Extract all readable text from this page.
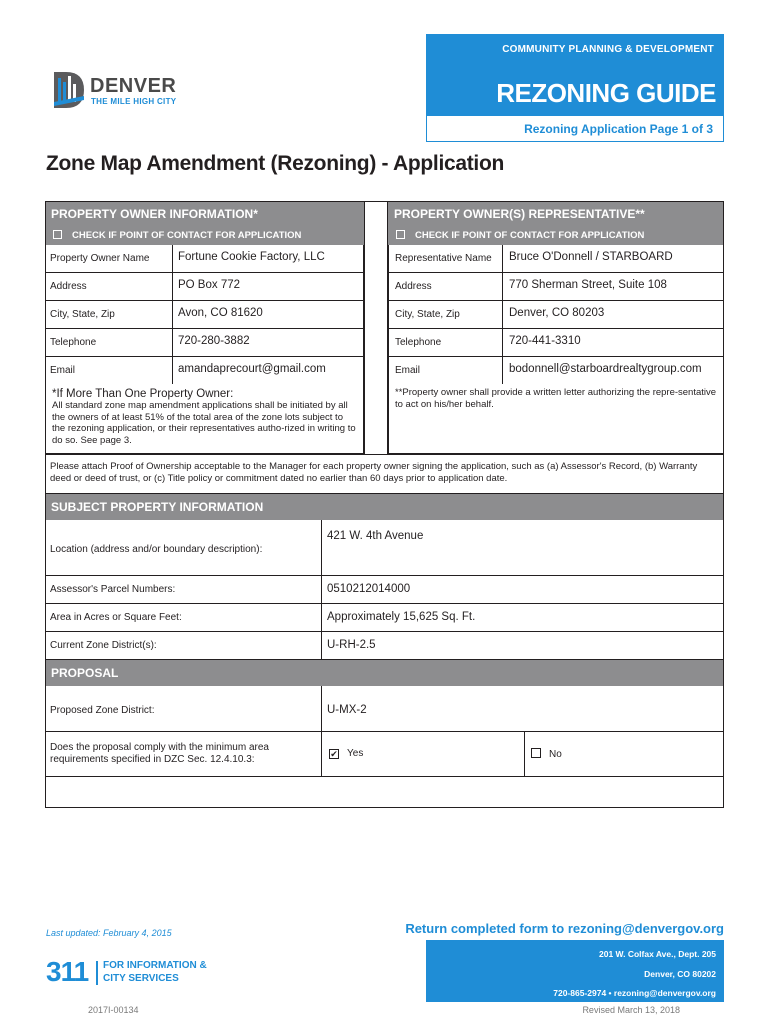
COMMUNITY PLANNING & DEVELOPMENT
REZONING GUIDE
Rezoning Application Page 1 of 3
DENVER
THE MILE HIGH CITY
Zone Map Amendment (Rezoning) - Application
PROPERTY OWNER INFORMATION*	PROPERTY OWNER(S) REPRESENTATIVE**
CHECK IF POINT OF CONTACT FOR APPLICATION	CHECK IF POINT OF CONTACT FOR APPLICATION
Property Owner Name Fortune Cookie Factory, LLC
Address	PO Box 772
City, State, Zip	Avon, CO 81620
Telephone	720-280-3882
Email	amandaprecourt@gmail.com
*If More Than One Property Owner:
All standard zone map amendment applications shall be initiated by all the owners of at least 51% of the total area of the zone lots subject to the rezoning application, or their representatives autho-rized in writing to do so. See page 3.
Representative Name Bruce O'Donnell / STARBOARD
Address	770 Sherman Street, Suite 108
City, State, Zip	Denver, CO 80203
Telephone	720-441-3310
Email	bodonnell@starboardrealtygroup.com
**Property owner shall provide a written letter authorizing the repre-sentative to act on his/her behalf.
Please attach Proof of Ownership acceptable to the Manager for each property owner signing the application, such as (a) Assessor's Record, (b) Warranty deed or deed of trust, or (c) Title policy or commitment dated no earlier than 60 days prior to application date.
SUBJECT PROPERTY INFORMATION
Location (address and/or boundary description):
421 W. 4th Avenue
Assessor's Parcel Numbers:	0510212014000
Area in Acres or Square Feet:	Approximately 15,625 Sq. Ft.
Current Zone District(s):	U-RH-2.5
PROPOSAL
Proposed Zone District:	U-MX-2
Does the proposal comply with the minimum area requirements specified in DZC Sec. 12.4.10.3:	✔ Yes	No
Last updated: February 4, 2015	Return completed form to rezoning@denvergov.org
201 W. Colfax Ave., Dept. 205
Denver, CO 80202
720-865-2974 • rezoning@denvergov.org
311 FOR INFORMATION &
CITY SERVICES
2017I-00134	Revised March 13, 2018
